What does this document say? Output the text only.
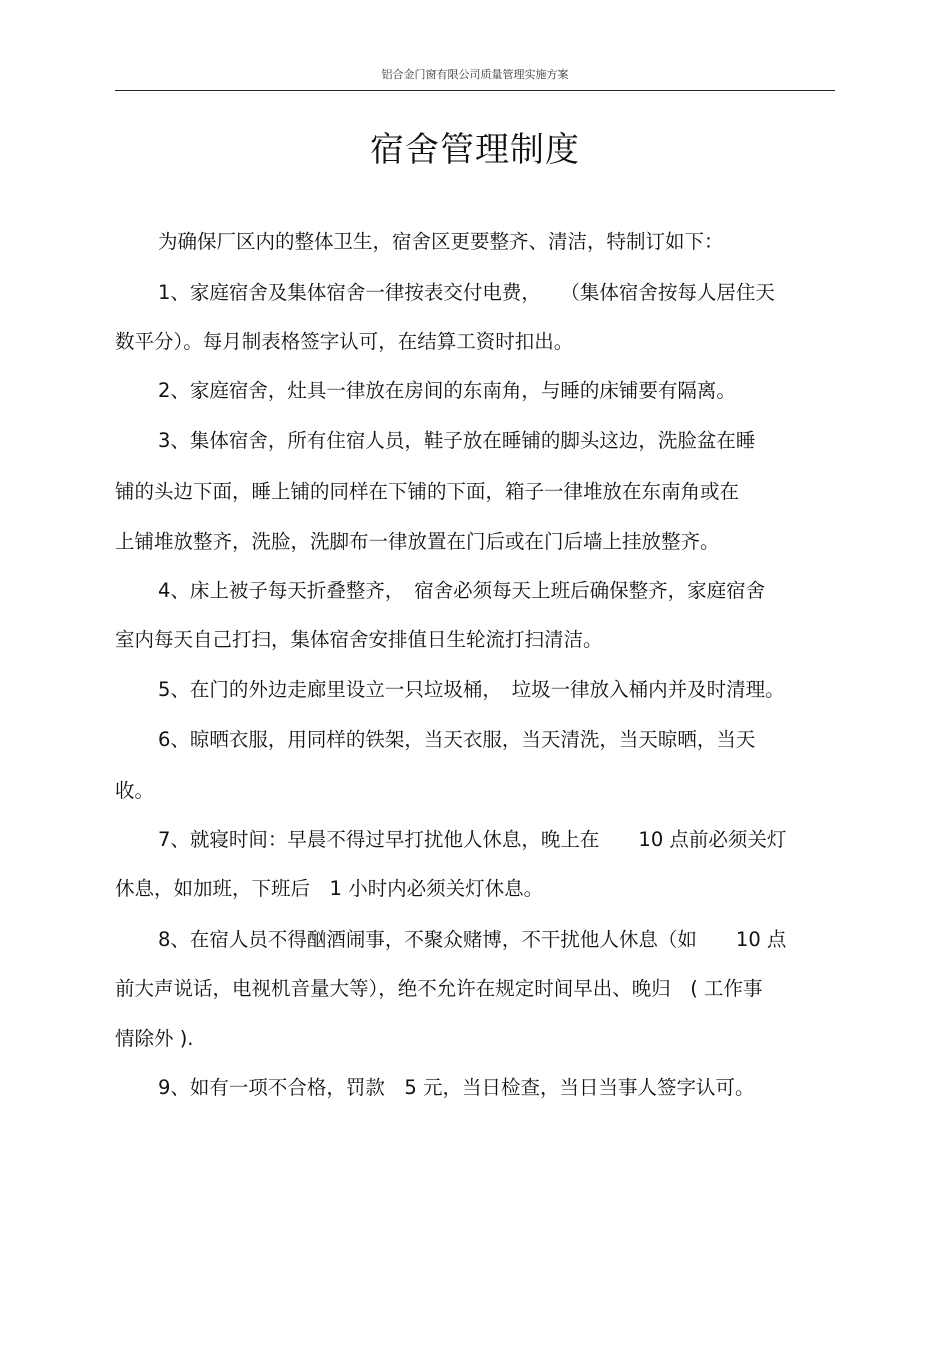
铝合金门窗有限公司质量管理实施方案
宿舍管理制度
为确保厂区内的整体卫生，宿舍区更要整齐、清洁，特制订如下：
1、家庭宿舍及集体宿舍一律按表交付电费，　　（集体宿舍按每人居住天
数平分）。每月制表格签字认可，在结算工资时扣出。
2、家庭宿舍，灶具一律放在房间的东南角，与睡的床铺要有隔离。
3、集体宿舍，所有住宿人员，鞋子放在睡铺的脚头这边，洗脸盆在睡
铺的头边下面，睡上铺的同样在下铺的下面，箱子一律堆放在东南角或在
上铺堆放整齐，洗脸，洗脚布一律放置在门后或在门后墙上挂放整齐。
4、床上被子每天折叠整齐，　宿舍必须每天上班后确保整齐，家庭宿舍
室内每天自己打扫，集体宿舍安排值日生轮流打扫清洁。
5、在门的外边走廊里设立一只垃圾桶，　垃圾一律放入桶内并及时清理。
6、晾晒衣服，用同样的铁架，当天衣服，当天清洗，当天晾晒，当天
收。
7、就寝时间：早晨不得过早打扰他人休息，晚上在　　10 点前必须关灯
休息，如加班，下班后　1 小时内必须关灯休息。
8、在宿人员不得酗酒闹事，不聚众赌博，不干扰他人休息（如　　10 点
前大声说话，电视机音量大等），绝不允许在规定时间早出、晚归　( 工作事
情除外 ).
9、如有一项不合格，罚款　5 元，当日检查，当日当事人签字认可。
